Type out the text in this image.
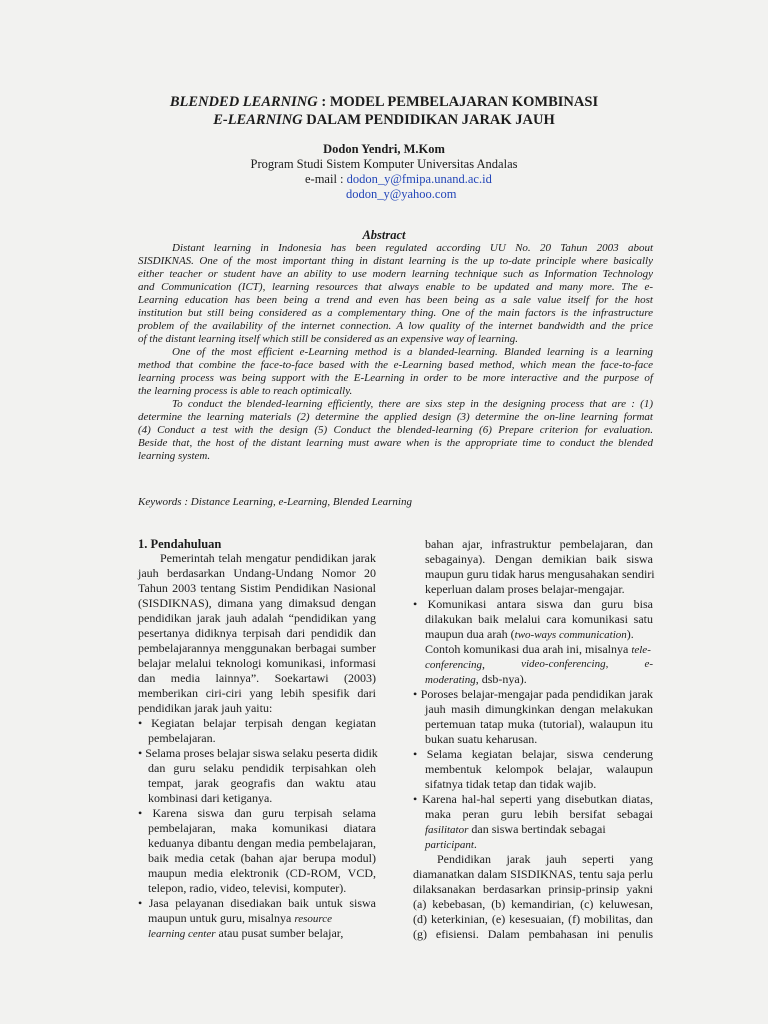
BLENDED LEARNING : MODEL PEMBELAJARAN KOMBINASI
E-LEARNING DALAM PENDIDIKAN JARAK JAUH
Dodon Yendri, M.Kom
Program Studi Sistem Komputer Universitas Andalas
e-mail : dodon_y@fmipa.unand.ac.id
dodon_y@yahoo.com
Abstract
Distant learning in Indonesia has been regulated according UU No. 20 Tahun 2003 about
SISDIKNAS. One of the most important thing in distant learning is the up to-date principle where basically
either teacher or student have an ability to use modern learning technique such as Information Technology
and Communication (ICT), learning resources that always enable to be updated and many more. The e-
Learning education has been being a trend and even has been being as a sale value itself for the host
institution but still being considered as a complementary thing. One of the main factors is the infrastructure
problem of the availability of the internet connection. A low quality of the internet bandwidth and the price
of the distant learning itself which still be considered as an expensive way of learning.
One of the most efficient e-Learning method is a blanded-learning. Blanded learning is a learning
method that combine the face-to-face based with the e-Learning based method, which mean the face-to-face
learning process was being support with the E-Learning in order to be more interactive and the purpose of
the learning process is able to reach optimically.
To conduct the blended-learning efficiently, there are sixs step in the designing process that are : (1)
determine the learning materials (2) determine the applied design (3) determine the on-line learning format
(4) Conduct a test with the design (5) Conduct the blended-learning (6) Prepare criterion for evaluation.
Beside that, the host of the distant learning must aware when is the appropriate time to conduct the blended
learning system.
Keywords : Distance Learning, e-Learning, Blended Learning
1. Pendahuluan
Pemerintah telah mengatur pendidikan jarak
jauh berdasarkan Undang-Undang Nomor 20
Tahun 2003 tentang Sistim Pendidikan Nasional
(SISDIKNAS), dimana yang dimaksud dengan
pendidikan jarak jauh adalah “pendidikan yang
pesertanya didiknya terpisah dari pendidik dan
pembelajarannya menggunakan berbagai sumber
belajar melalui teknologi komunikasi, informasi
dan media lainnya”. Soekartawi (2003)
memberikan ciri-ciri yang lebih spesifik dari
pendidikan jarak jauh yaitu:
• Kegiatan belajar terpisah dengan kegiatan
pembelajaran.
• Selama proses belajar siswa selaku peserta didik
dan guru selaku pendidik terpisahkan oleh
tempat, jarak geografis dan waktu atau
kombinasi dari ketiganya.
• Karena siswa dan guru terpisah selama
pembelajaran, maka komunikasi diatara
keduanya dibantu dengan media pembelajaran,
baik media cetak (bahan ajar berupa modul)
maupun media elektronik (CD-ROM, VCD,
telepon, radio, video, televisi, komputer).
• Jasa pelayanan disediakan baik untuk siswa
maupun untuk guru, misalnya resource
learning center atau pusat sumber belajar,
bahan ajar, infrastruktur pembelajaran, dan
sebagainya). Dengan demikian baik siswa
maupun guru tidak harus mengusahakan sendiri
keperluan dalam proses belajar-mengajar.
• Komunikasi antara siswa dan guru bisa
dilakukan baik melalui cara komunikasi satu
maupun dua arah (two-ways communication).
Contoh komunikasi dua arah ini, misalnya tele-
conferencing,	video-conferencing,	e-
moderating, dsb-nya).
• Poroses belajar-mengajar pada pendidikan jarak
jauh masih dimungkinkan dengan melakukan
pertemuan tatap muka (tutorial), walaupun itu
bukan suatu keharusan.
• Selama kegiatan belajar, siswa cenderung
membentuk kelompok belajar, walaupun
sifatnya tidak tetap dan tidak wajib.
• Karena hal-hal seperti yang disebutkan diatas,
maka peran guru lebih bersifat sebagai
fasilitator dan siswa bertindak sebagai
participant.
Pendidikan jarak jauh seperti yang
diamanatkan dalam SISDIKNAS, tentu saja perlu
dilaksanakan berdasarkan prinsip-prinsip yakni
(a) kebebasan, (b) kemandirian, (c) keluwesan,
(d) keterkinian, (e) kesesuaian, (f) mobilitas, dan
(g) efisiensi. Dalam pembahasan ini penulis
